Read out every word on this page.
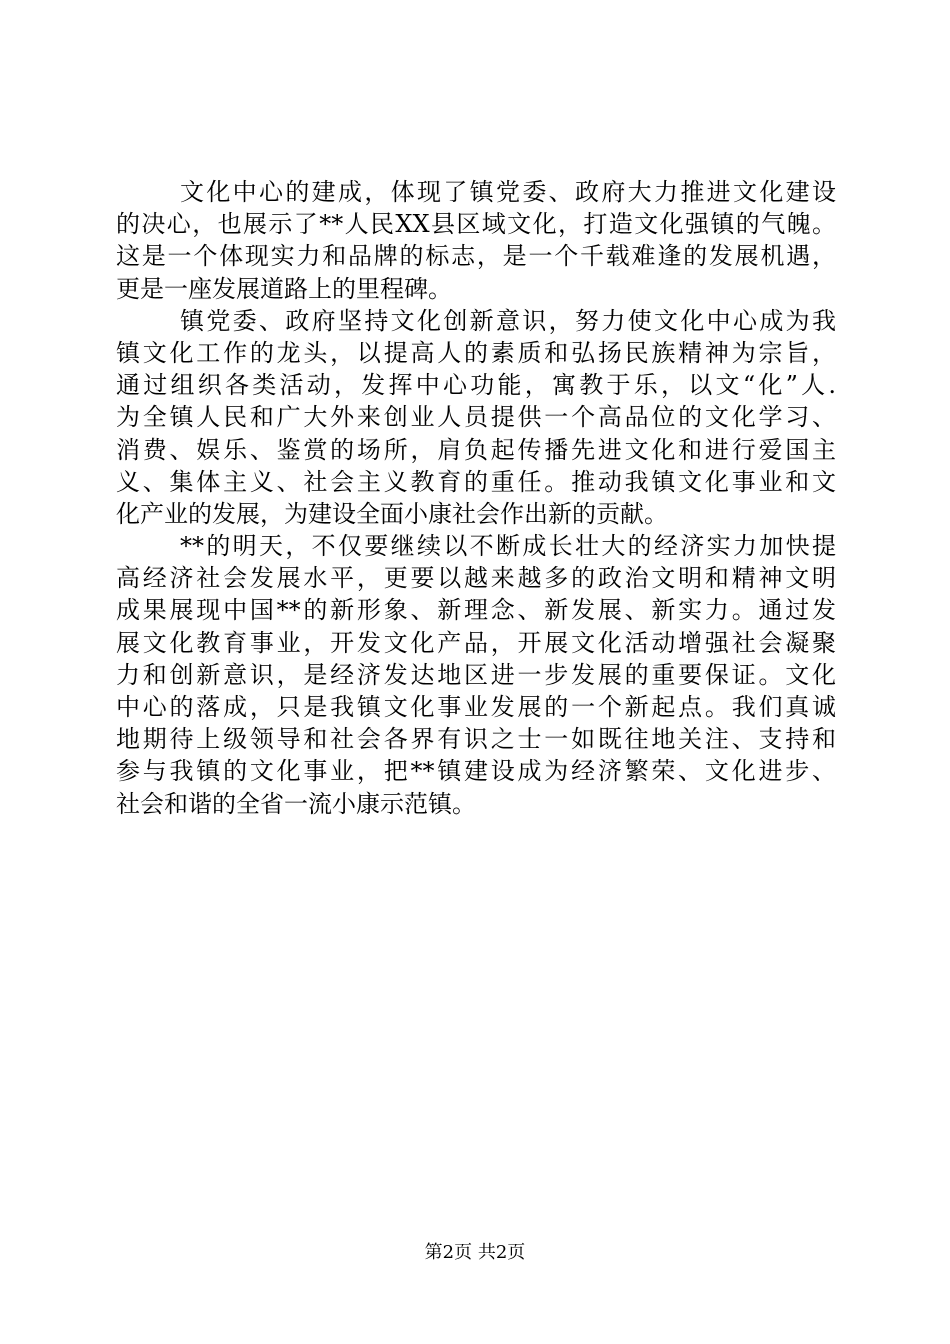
文化中心的建成，体现了镇党委、政府大力推进文化建设
的决心，也展示了**人民XX县区域文化，打造文化强镇的气魄。
这是一个体现实力和品牌的标志，是一个千载难逢的发展机遇，
更是一座发展道路上的里程碑。
镇党委、政府坚持文化创新意识，努力使文化中心成为我
镇文化工作的龙头，以提高人的素质和弘扬民族精神为宗旨，
通过组织各类活动，发挥中心功能，寓教于乐，以文“化”人.
为全镇人民和广大外来创业人员提供一个高品位的文化学习、
消费、娱乐、鉴赏的场所，肩负起传播先进文化和进行爱国主
义、集体主义、社会主义教育的重任。推动我镇文化事业和文
化产业的发展，为建设全面小康社会作出新的贡献。
**的明天，不仅要继续以不断成长壮大的经济实力加快提
高经济社会发展水平，更要以越来越多的政治文明和精神文明
成果展现中国**的新形象、新理念、新发展、新实力。通过发
展文化教育事业，开发文化产品，开展文化活动增强社会凝聚
力和创新意识，是经济发达地区进一步发展的重要保证。文化
中心的落成，只是我镇文化事业发展的一个新起点。我们真诚
地期待上级领导和社会各界有识之士一如既往地关注、支持和
参与我镇的文化事业，把**镇建设成为经济繁荣、文化进步、
社会和谐的全省一流小康示范镇。
第2页 共2页
